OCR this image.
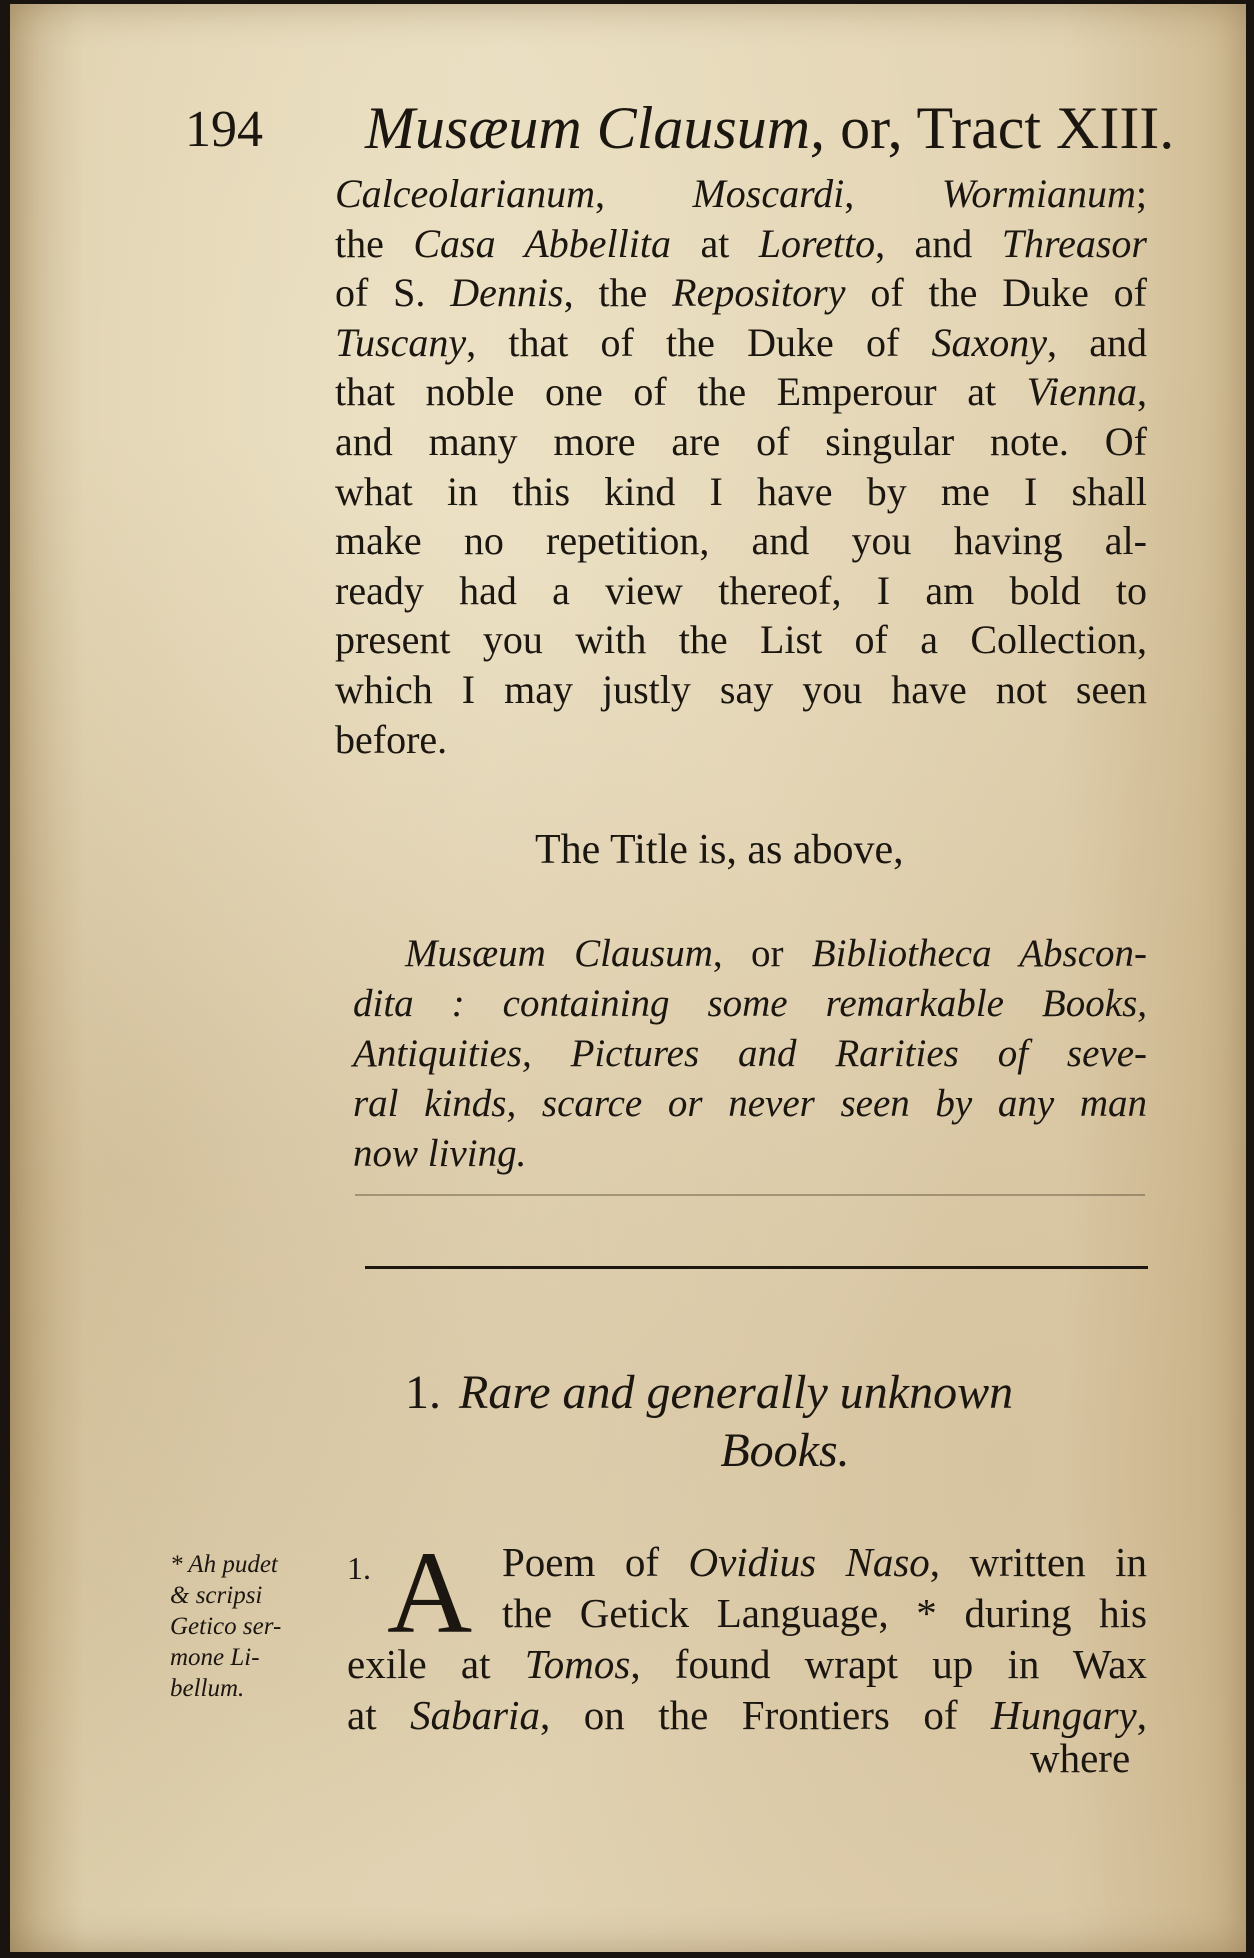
194 Musæum Clausum, or, Tract XIII.
Calceolarianum, Moscardi, Wormianum;
the Casa Abbellita at Loretto, and Threasor
of S. Dennis, the Repository of the Duke of
Tuscany, that of the Duke of Saxony, and
that noble one of the Emperour at Vienna,
and many more are of singular note. Of
what in this kind I have by me I shall
make no repetition, and you having al-
ready had a view thereof, I am bold to
present you with the List of a Collection,
which I may justly say you have not seen
before.
The Title is, as above,
Musæum Clausum, or Bibliotheca Abscon-
dita : containing some remarkable Books,
Antiquities, Pictures and Rarities of seve-
ral kinds, scarce or never seen by any man
now living.
1. Rare and generally unknown
Books.
* Ah pudet
& scripsi
Getico ser-
mone Li-
bellum.
1. A Poem of Ovidius Naso, written in
the Getick Language, * during his
exile at Tomos, found wrapt up in Wax
at Sabaria, on the Frontiers of Hungary,
where
